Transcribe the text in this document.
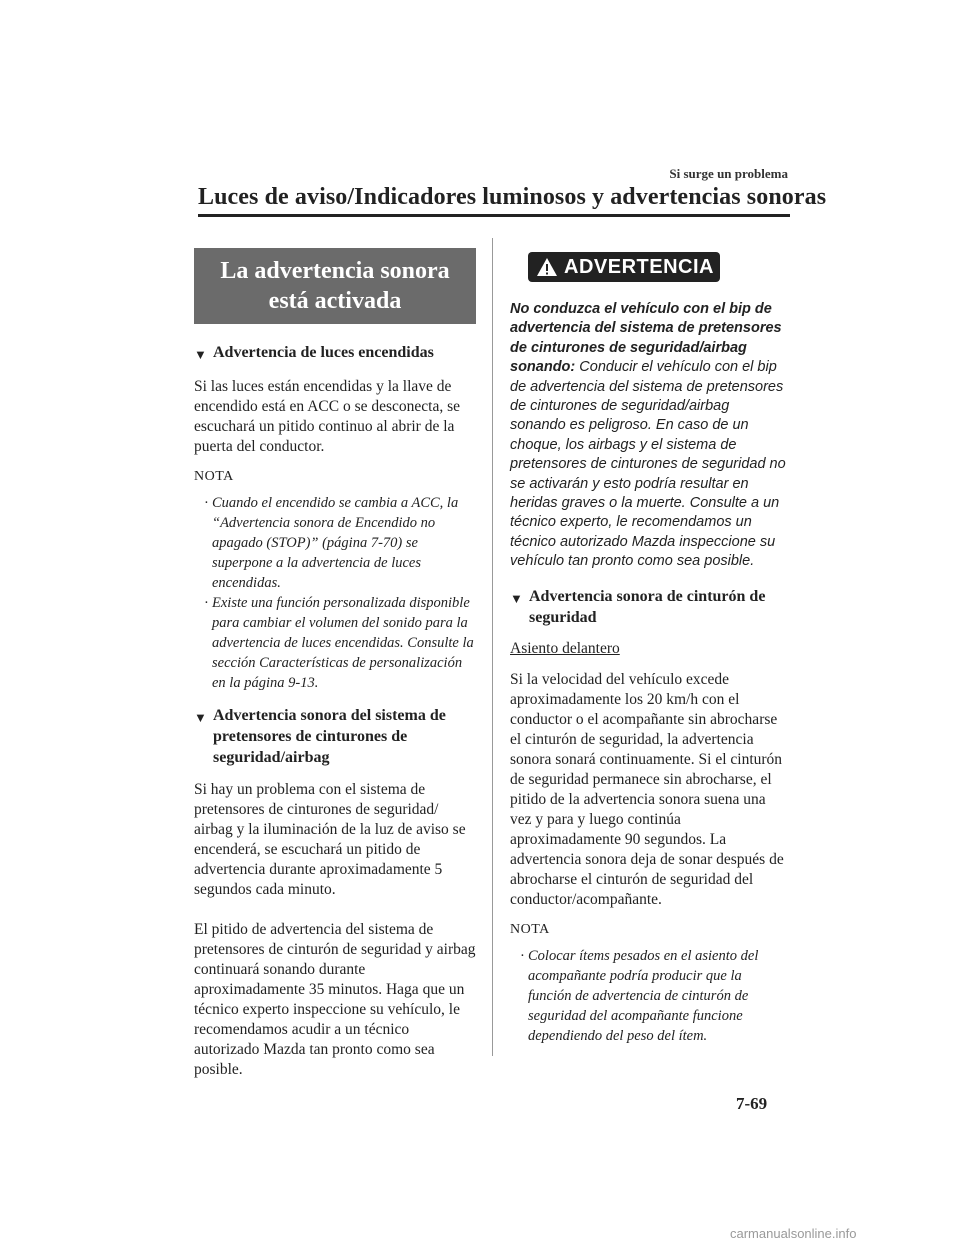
Si surge un problema
Luces de aviso/Indicadores luminosos y advertencias sonoras
La advertencia sonora está activada
▼ Advertencia de luces encendidas

Si las luces están encendidas y la llave de encendido está en ACC o se desconecta, se escuchará un pitido continuo al abrir de la puerta del conductor.

NOTA
· Cuando el encendido se cambia a ACC, la “Advertencia sonora de Encendido no apagado (STOP)” (página 7-70) se superpone a la advertencia de luces encendidas.
· Existe una función personalizada disponible para cambiar el volumen del sonido para la advertencia de luces encendidas. Consulte la sección Características de personalización en la página 9-13.
▼ Advertencia sonora del sistema de pretensores de cinturones de seguridad/airbag

Si hay un problema con el sistema de pretensores de cinturones de seguridad/ airbag y la iluminación de la luz de aviso se encenderá, se escuchará un pitido de advertencia durante aproximadamente 5 segundos cada minuto.

El pitido de advertencia del sistema de pretensores de cinturón de seguridad y airbag continuará sonando durante aproximadamente 35 minutos. Haga que un técnico experto inspeccione su vehículo, le recomendamos acudir a un técnico autorizado Mazda tan pronto como sea posible.

ADVERTENCIA
No conduzca el vehículo con el bip de advertencia del sistema de pretensores de cinturones de seguridad/airbag sonando: Conducir el vehículo con el bip de advertencia del sistema de pretensores de cinturones de seguridad/airbag sonando es peligroso. En caso de un choque, los airbags y el sistema de pretensores de cinturones de seguridad no se activarán y esto podría resultar en heridas graves o la muerte. Consulte a un técnico experto, le recomendamos un técnico autorizado Mazda inspeccione su vehículo tan pronto como sea posible.
▼ Advertencia sonora de cinturón de seguridad
Asiento delantero

Si la velocidad del vehículo excede aproximadamente los 20 km/h con el conductor o el acompañante sin abrocharse el cinturón de seguridad, la advertencia sonora sonará continuamente. Si el cinturón de seguridad permanece sin abrocharse, el pitido de la advertencia sonora suena una vez y para y luego continúa aproximadamente 90 segundos. La advertencia sonora deja de sonar después de abrocharse el cinturón de seguridad del conductor/acompañante.

NOTA
· Colocar ítems pesados en el asiento del acompañante podría producir que la función de advertencia de cinturón de seguridad del acompañante funcione dependiendo del peso del ítem.
7-69
carmanualsonline.info
